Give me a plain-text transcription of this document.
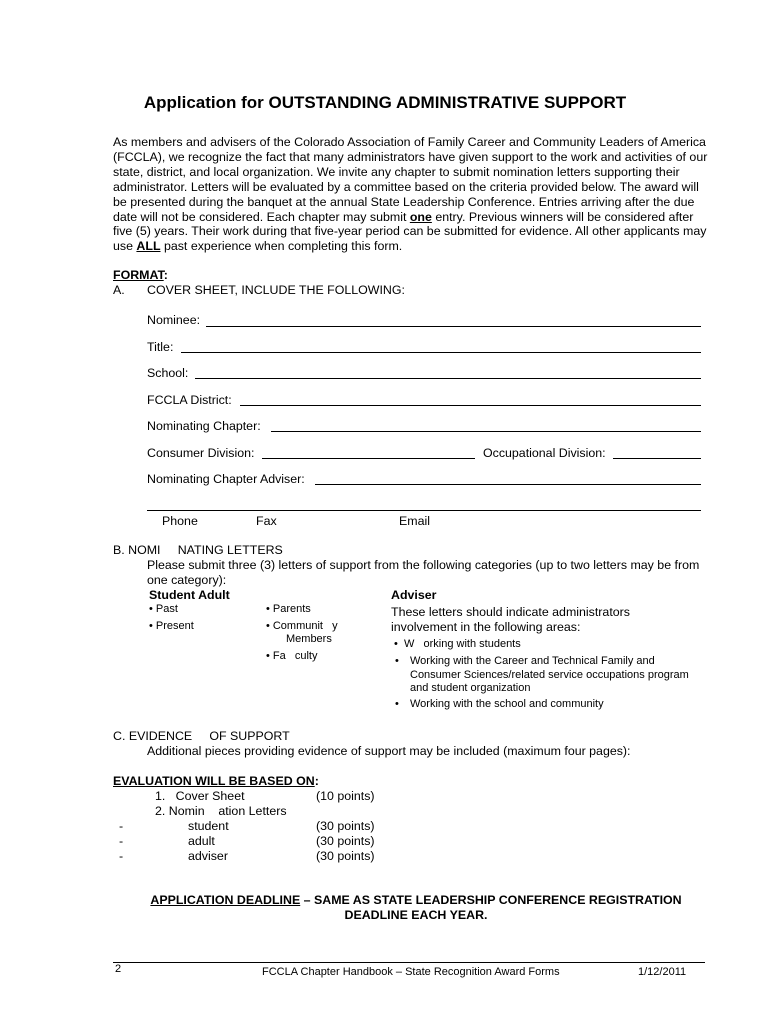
Application for OUTSTANDING ADMINISTRATIVE SUPPORT
As members and advisers of the Colorado Association of Family Career and Community Leaders of America (FCCLA), we recognize the fact that many administrators have given support to the work and activities of our state, district, and local organization. We invite any chapter to submit nomination letters supporting their administrator. Letters will be evaluated by a committee based on the criteria provided below. The award will be presented during the banquet at the annual State Leadership Conference. Entries arriving after the due date will not be considered. Each chapter may submit one entry. Previous winners will be considered after five (5) years. Their work during that five-year period can be submitted for evidence. All other applicants may use ALL past experience when completing this form.
FORMAT:
A. COVER SHEET, INCLUDE THE FOLLOWING:
Nominee:
Title:
School:
FCCLA District:
Nominating Chapter:
Consumer Division:	Occupational Division:
Nominating Chapter Adviser:
Phone	Fax	Email
B. NOMI     NATING LETTERS
Please submit three (3) letters of support from the following categories (up to two letters may be from one category):
Student Adult	Adviser
• Past
• Present
• Parents
• Communit   y
Members
• Fa   culty
These letters should indicate administrators involvement in the following areas:
•  W   orking with students
• Working with the Career and Technical Family and Consumer Sciences/related service occupations program and student organization
• Working with the school and community
C. EVIDENCE     OF SUPPORT
Additional pieces providing evidence of support may be included (maximum four pages):
EVALUATION WILL BE BASED ON:
1.   Cover Sheet	(10 points)
2. Nomin    ation Letters
-	student	(30 points)
-	adult	(30 points)
-	adviser	(30 points)
APPLICATION DEADLINE – SAME AS STATE LEADERSHIP CONFERENCE REGISTRATION
DEADLINE EACH YEAR.
2	FCCLA Chapter Handbook – State Recognition Award Forms	1/12/2011
